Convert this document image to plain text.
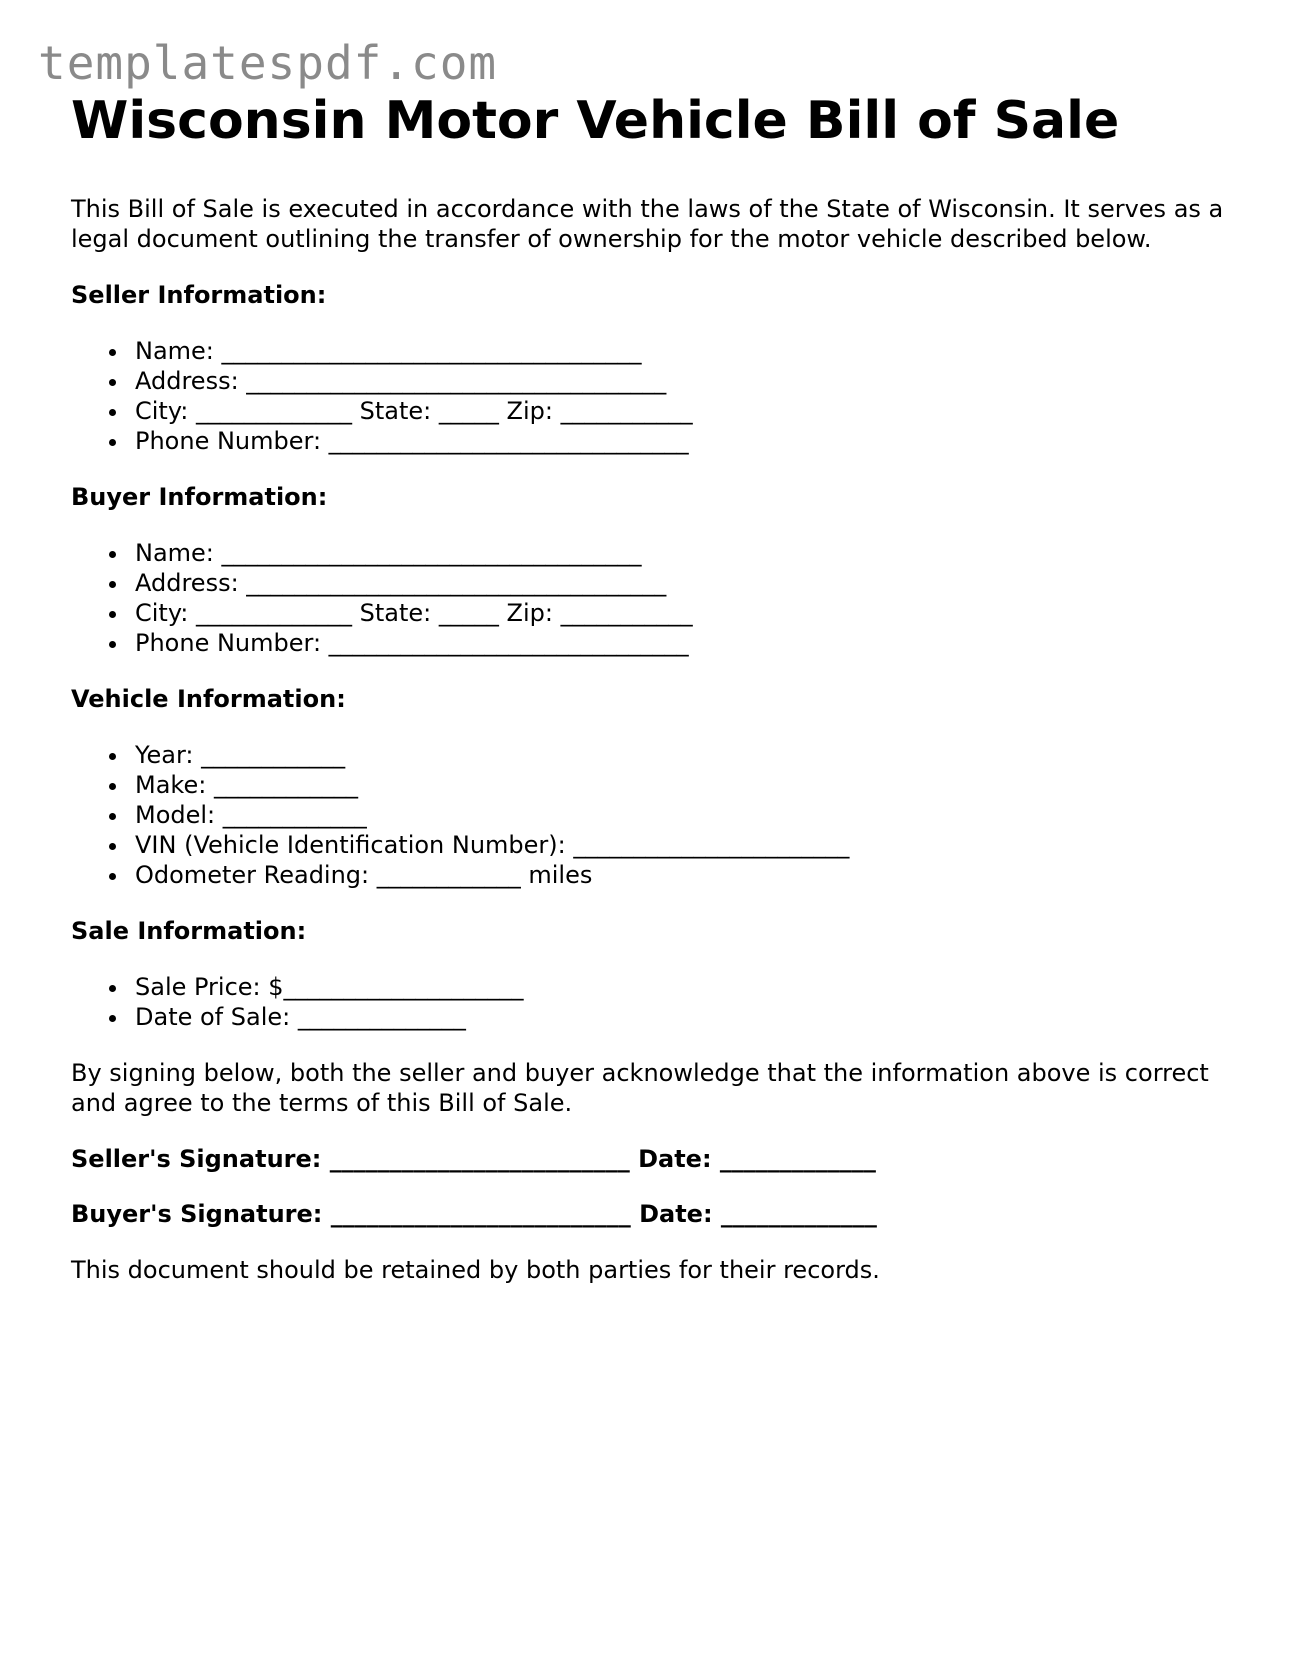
templatespdf.com
Wisconsin Motor Vehicle Bill of Sale

This Bill of Sale is executed in accordance with the laws of the State of Wisconsin. It serves as a legal document outlining the transfer of ownership for the motor vehicle described below.

Seller Information:
Name: ___________________________________
Address: ___________________________________
City: _____________ State: _____ Zip: ___________
Phone Number: ______________________________
Buyer Information:
Name: ___________________________________
Address: ___________________________________
City: _____________ State: _____ Zip: ___________
Phone Number: ______________________________
Vehicle Information:
Year: ____________
Make: ____________
Model: ____________
VIN (Vehicle Identification Number): _______________________
Odometer Reading: ____________ miles
Sale Information:
Sale Price: $____________________
Date of Sale: ______________

By signing below, both the seller and buyer acknowledge that the information above is correct and agree to the terms of this Bill of Sale.

Seller's Signature: _________________________ Date: _____________
Buyer's Signature: _________________________ Date: _____________

This document should be retained by both parties for their records.
